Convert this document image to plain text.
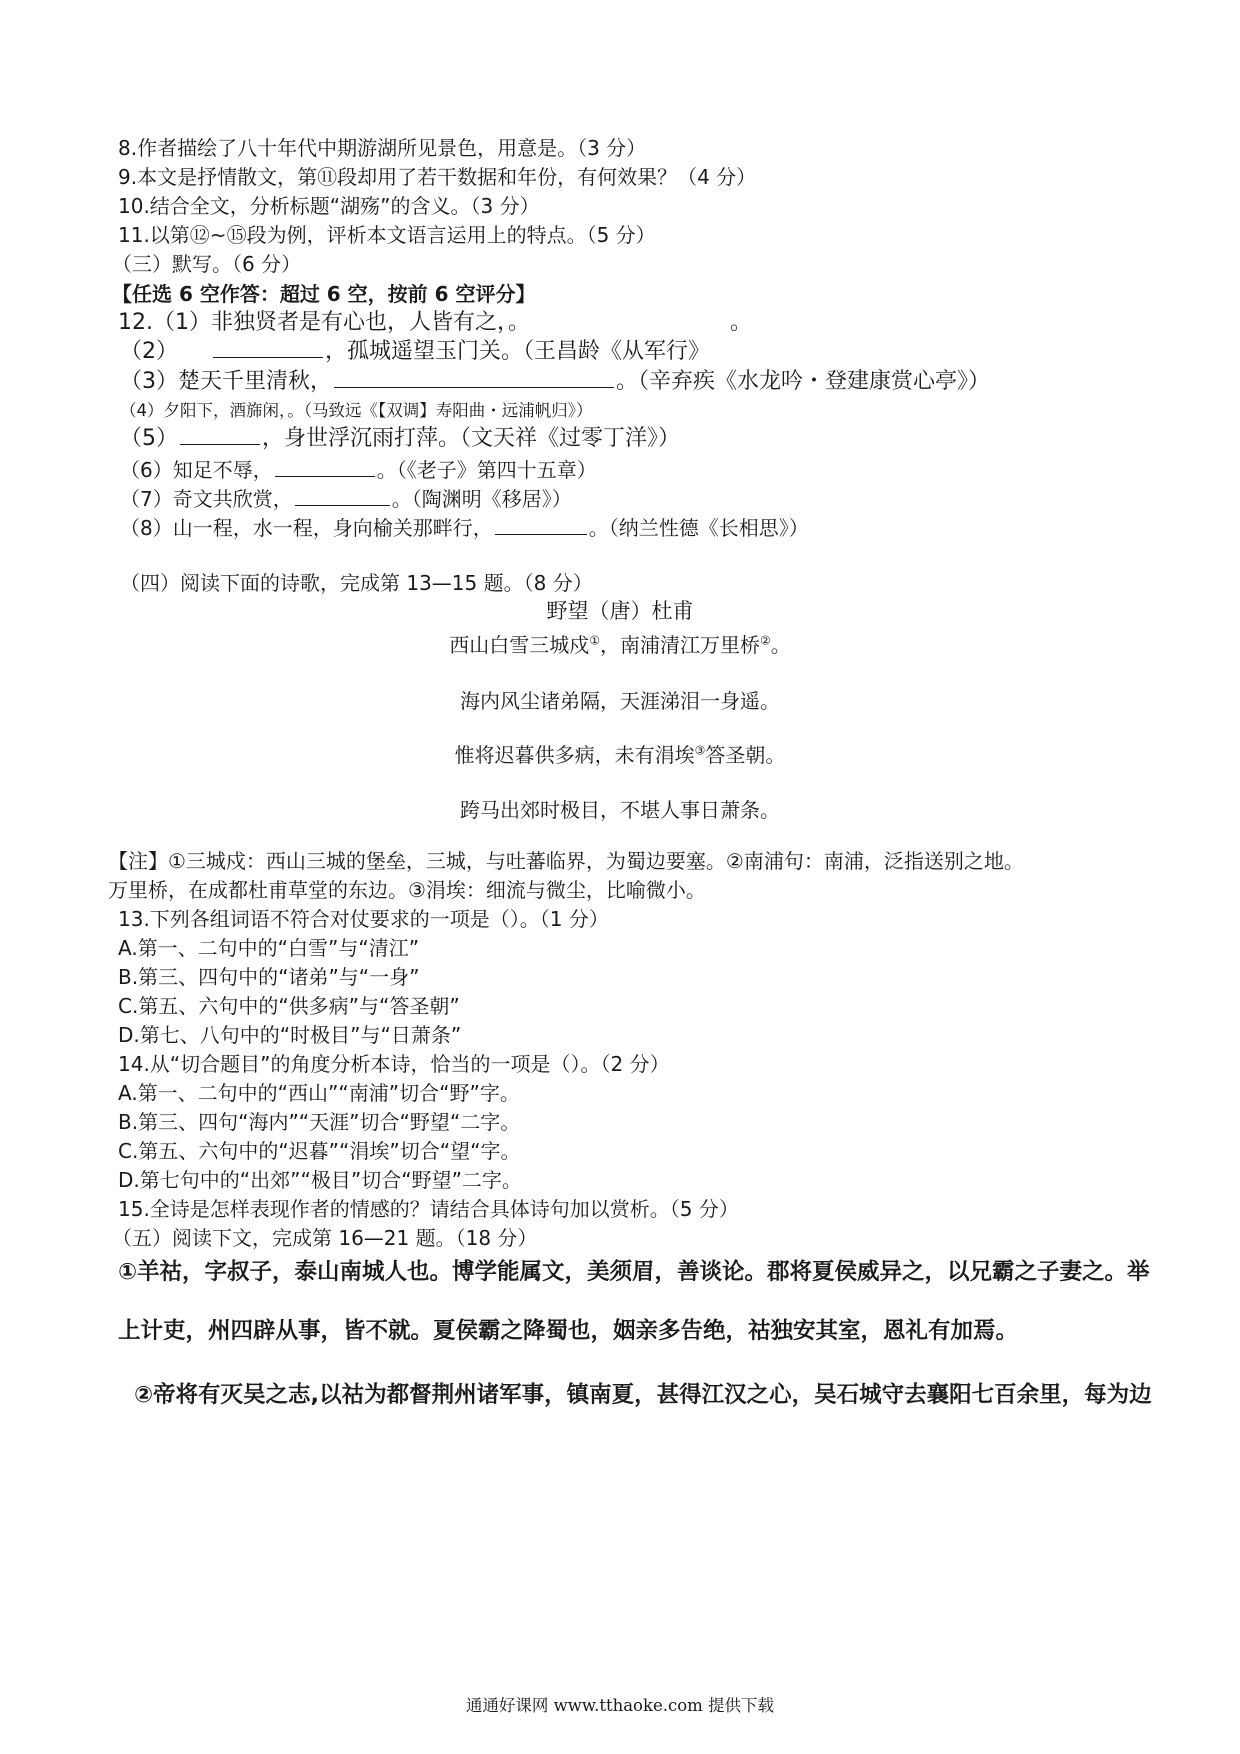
8.作者描绘了八十年代中期游湖所见景色，用意是。（3 分）
9.本文是抒情散文，第⑪段却用了若干数据和年份，有何效果？（4 分）
10.结合全文，分析标题“湖殇”的含义。（3 分）
11.以第⑫~⑮段为例，评析本文语言运用上的特点。（5 分）
（三）默写。（6 分）
【任选 6 空作答：超过 6 空，按前 6 空评分】
12.（1）非独贤者是有心也，人皆有之，。	。
（2）	，孤城遥望玉门关。（王昌龄《从军行》
（3）楚天千里清秋，	。（辛弃疾《水龙吟・登建康赏心亭》）
（4）夕阳下，酒旆闲，。（马致远《【双调】寿阳曲・远浦帆归》）
（5）	，身世浮沉雨打萍。（文天祥《过零丁洋》）
（6）知足不辱，	。（《老子》第四十五章）
（7）奇文共欣赏，	。（陶渊明《移居》）
（8）山一程，水一程，身向榆关那畔行，	。（纳兰性德《长相思》）
（四）阅读下面的诗歌，完成第 13—15 题。（8 分）
野望（唐）杜甫
西山白雪三城戍①，南浦清江万里桥②。
海内风尘诸弟隔，天涯涕泪一身遥。
惟将迟暮供多病，未有涓埃③答圣朝。
跨马出郊时极目，不堪人事日萧条。
【注】①三城戍：西山三城的堡垒，三城，与吐蕃临界，为蜀边要塞。②南浦句：南浦，泛指送别之地。
万里桥，在成都杜甫草堂的东边。③涓埃：细流与微尘，比喻微小。
13.下列各组词语不符合对仗要求的一项是（）。（1 分）
A.第一、二句中的“白雪”与“清江”
B.第三、四句中的“诸弟”与“一身”
C.第五、六句中的“供多病”与“答圣朝”
D.第七、八句中的“时极目”与“日萧条”
14.从“切合题目”的角度分析本诗，恰当的一项是（）。（2 分）
A.第一、二句中的“西山”“南浦”切合“野”字。
B.第三、四句“海内”“天涯”切合“野望“二字。
C.第五、六句中的“迟暮”“涓埃”切合“望“字。
D.第七句中的“出郊”“极目”切合“野望”二字。
15.全诗是怎样表现作者的情感的？请结合具体诗句加以赏析。（5 分）
（五）阅读下文，完成第 16—21 题。（18 分）
①羊祜，字叔子，泰山南城人也。博学能属文，美须眉，善谈论。郡将夏侯威异之，以兄霸之子妻之。举
上计吏，州四辟从事，皆不就。夏侯霸之降蜀也，姻亲多告绝，祜独安其室，恩礼有加焉。
②帝将有灭吴之志,以祜为都督荆州诸军事，镇南夏，甚得江汉之心，吴石城守去襄阳七百余里，每为边
通通好课网 www.tthaoke.com 提供下载
